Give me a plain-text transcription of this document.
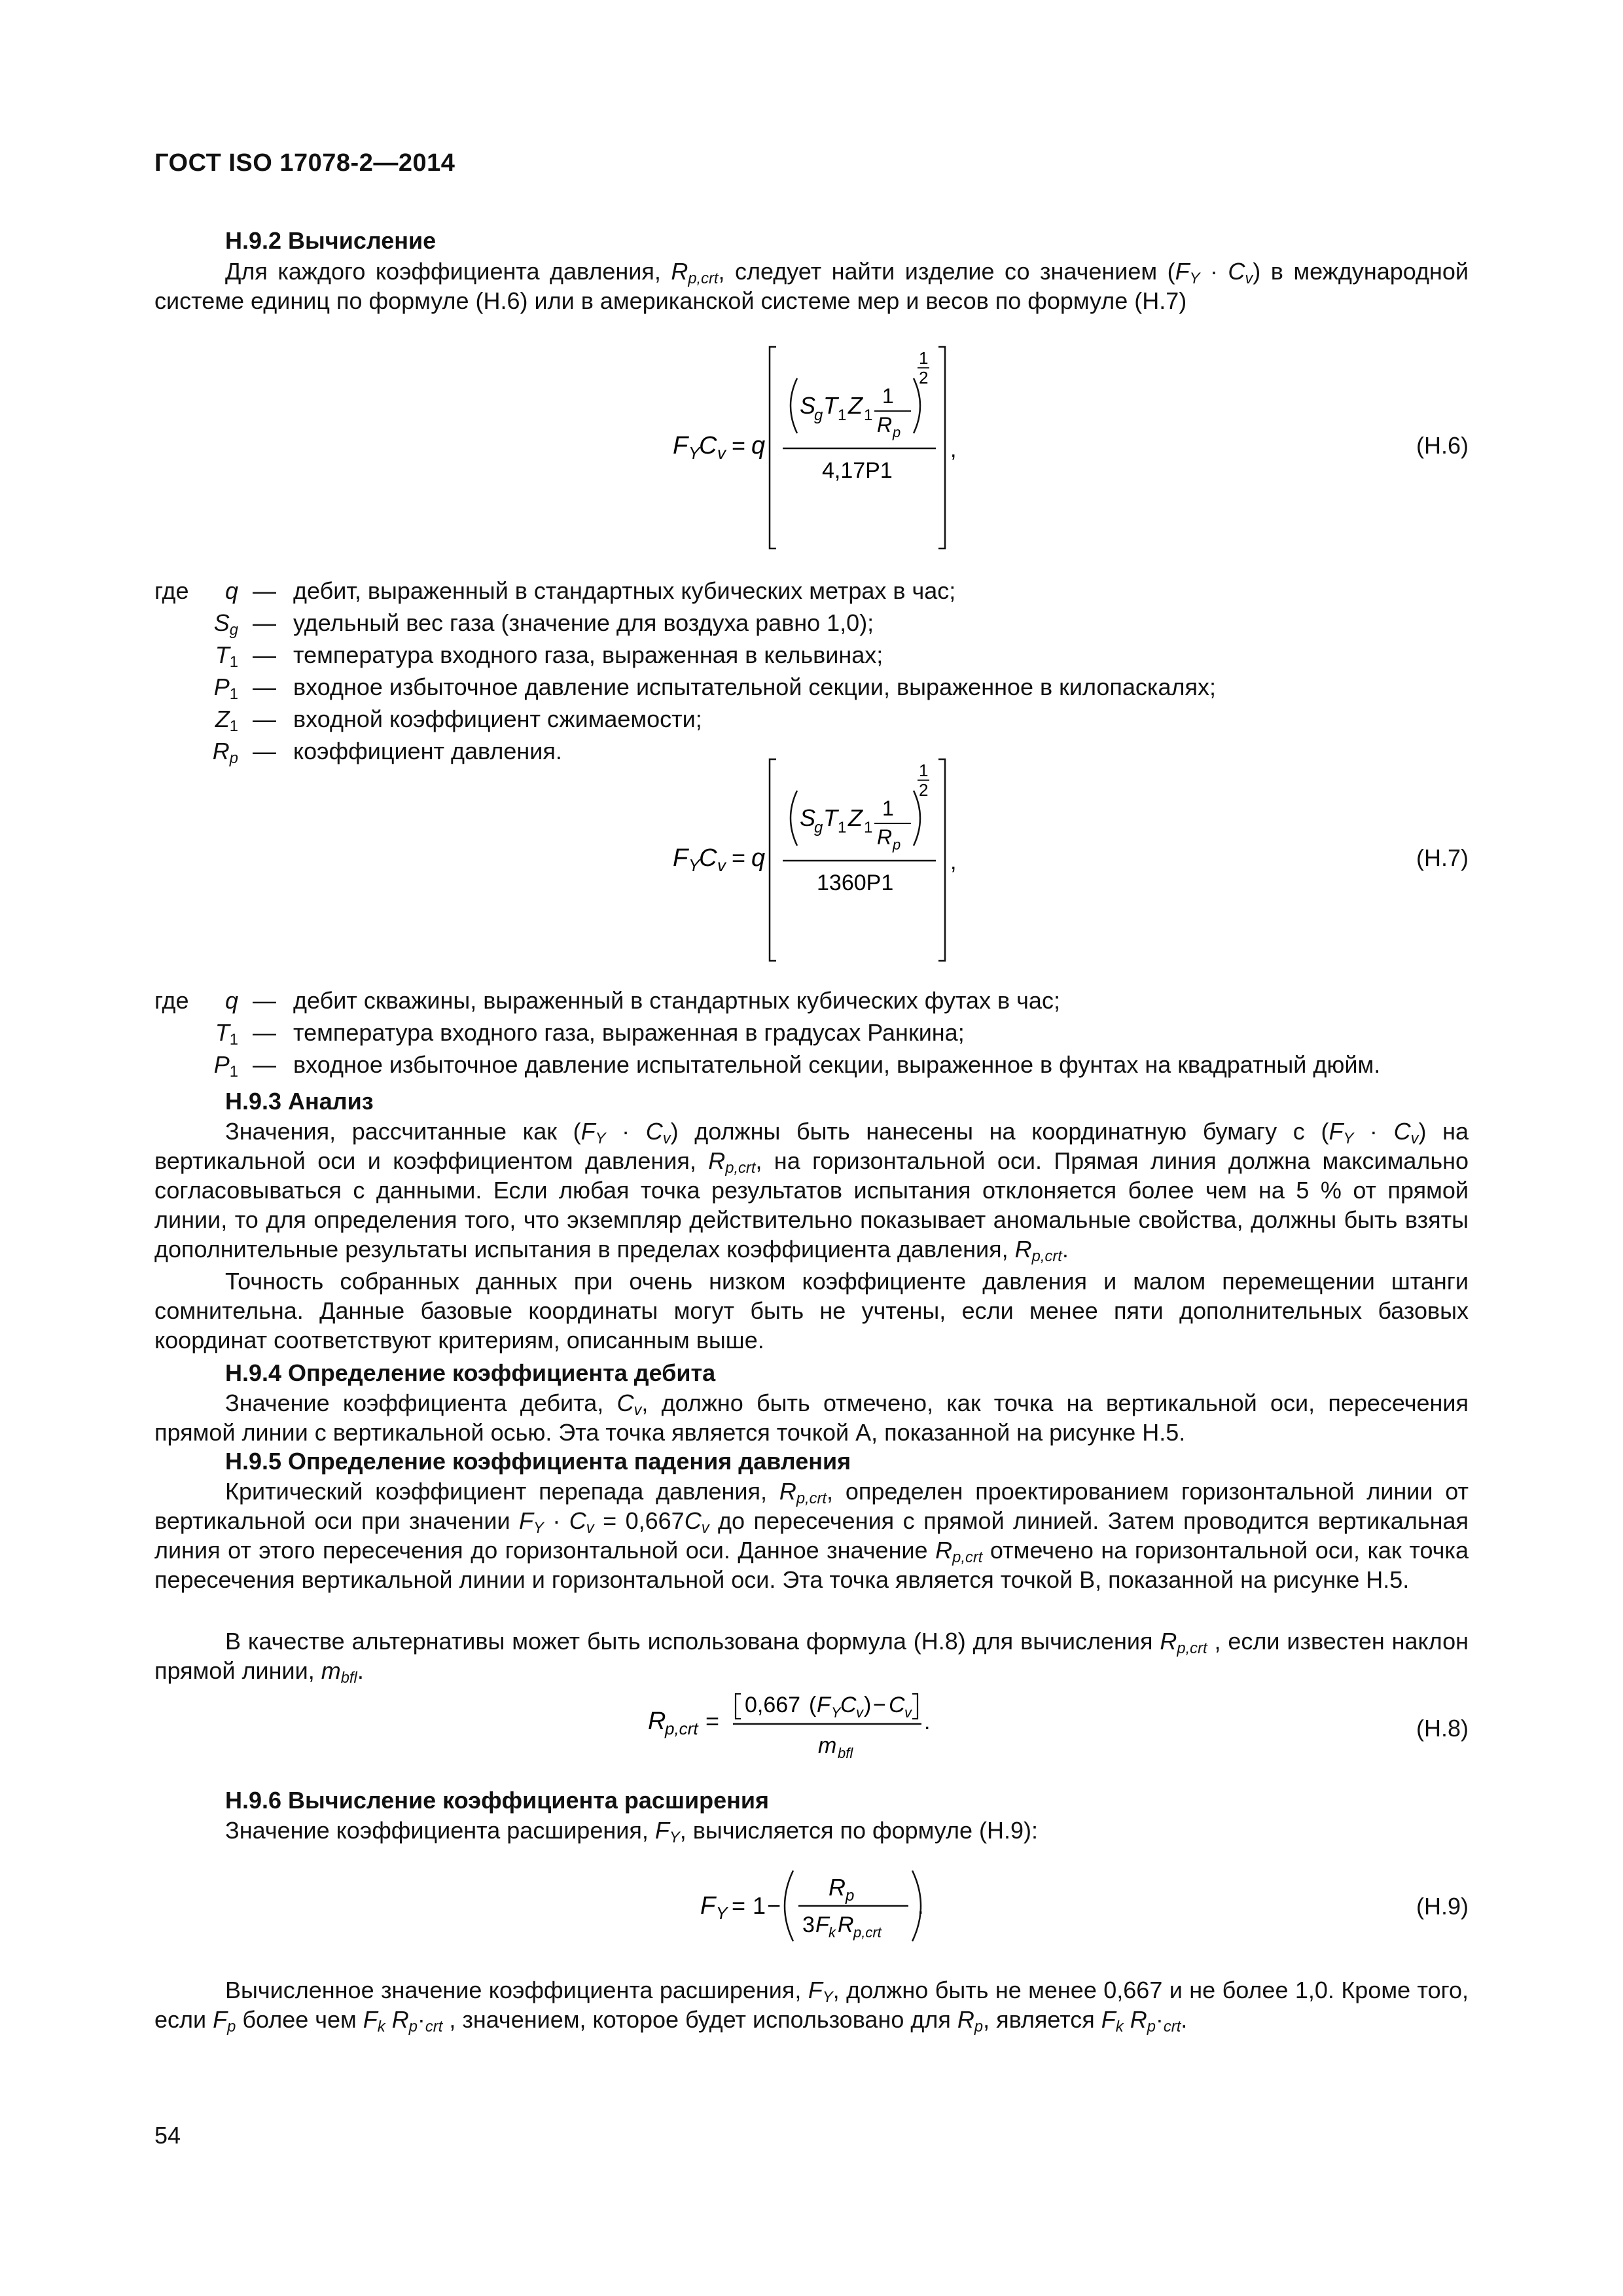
ГОСТ ISO 17078-2—2014
Н.9.2 Вычисление
Для каждого коэффициента давления, $R_{p,crt}$, следует найти изделие со значением $(F_Y \cdot C_v)$ в международной системе единиц по формуле (Н.6) или в американской системе мер и весов по формуле (Н.7)
F Y
C v = q
S
g T 1 Z 1
1
R p
1
2
4,17P1
,	(Н.6)
где q — дебит, выраженный в стандартных кубических метрах в час;
$S_g$ — удельный вес газа (значение для воздуха равно 1,0);
$T_1$ — температура входного газа, выраженная в кельвинах;
$P_1$ — входное избыточное давление испытательной секции, выраженное в килопаскалях;
$Z_1$ — входной коэффициент сжимаемости;
$R_p$ — коэффициент давления.
F Y
C v = q
S
g T 1 Z 1
1
R p
1
2
1360P1
,	(Н.7)
где q — дебит скважины, выраженный в стандартных кубических футах в час;
$T_1$ — температура входного газа, выраженная в градусах Ранкина;
$P_1$ — входное избыточное давление испытательной секции, выраженное в фунтах на квадратный дюйм.
Н.9.3 Анализ
Значения, рассчитанные как $(F_Y \cdot C_v)$ должны быть нанесены на координатную бумагу с $(F_Y \cdot C_v)$ на вертикальной оси и коэффициентом давления, $R_{p,crt}$, на горизонтальной оси. Прямая линия должна максимально согласовываться с данными. Если любая точка результатов испытания отклоняется более чем на 5 % от прямой линии, то для определения того, что экземпляр действительно показывает аномальные свойства, должны быть взяты дополнительные результаты испытания в пределах коэффициента давления, $R_{p,crt}$.
Точность собранных данных при очень низком коэффициенте давления и малом перемещении штанги сомнительна. Данные базовые координаты могут быть не учтены, если менее пяти дополнительных базовых координат соответствуют критериям, описанным выше.
Н.9.4 Определение коэффициента дебита
Значение коэффициента дебита, $C_v$, должно быть отмечено, как точка на вертикальной оси, пересечения прямой линии с вертикальной осью. Эта точка является точкой А, показанной на рисунке Н.5.
Н.9.5 Определение коэффициента падения давления
Критический коэффициент перепада давления, $R_{p,crt}$, определен проектированием горизонтальной линии от вертикальной оси при значении $F_Y \cdot C_v = 0,667C_v$ до пересечения с прямой линией. Затем проводится вертикальная линия от этого пересечения до горизонтальной оси. Данное значение $R_{p,crt}$ отмечено на горизонтальной оси, как точка пересечения вертикальной линии и горизонтальной оси. Эта точка является точкой В, показанной на рисунке Н.5.
В качестве альтернативы может быть использована формула (Н.8) для вычисления $R_{p,crt}$ , если известен наклон прямой линии, $m_{bfl}$.
R
p,crt =
0,667 ( F Y C v ) − C v
m bfl
.	(Н.8)
Н.9.6 Вычисление коэффициента расширения
Значение коэффициента расширения, $F_Y$, вычисляется по формуле (Н.9):
F Y = 1 −
R p
3 F k R p,crt
.	(Н.9)
Вычисленное значение коэффициента расширения, $F_Y$, должно быть не менее 0,667 и не более 1,0. Кроме того, если $F_p$ более чем $F_k$ $R_p\cdot_{crt}$ , значением, которое будет использовано для $R_p$, является $F_k$ $R_p\cdot_{crt}$.
54
